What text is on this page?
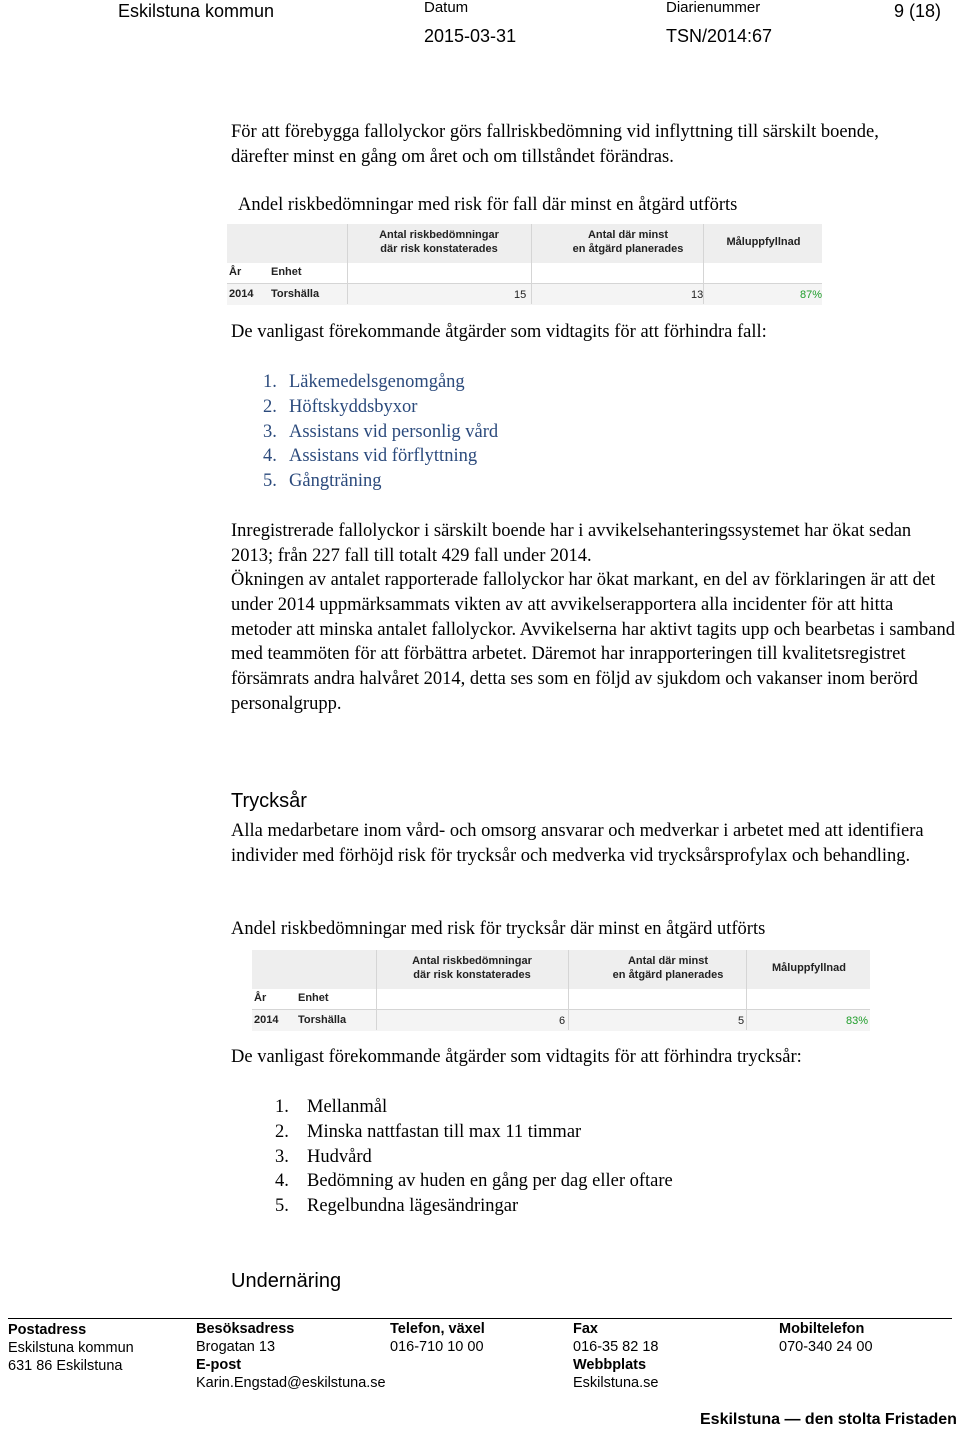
Eskilstuna kommun	Datum
2015-03-31
Diarienummer
TSN/2014:67
9 (18)

För att förebygga fallolyckor görs fallriskbedömning vid inflyttning till särskilt boende, därefter minst en gång om året och om tillståndet förändras.

Andel riskbedömningar med risk för fall där minst en åtgärd utförts
Antal riskbedömningar
där risk konstaterades
Antal där minst
en åtgärd planerades
Måluppfyllnad
År	Enhet
2014 Torshälla	15	13	87%
De vanligast förekommande åtgärder som vidtagits för att förhindra fall:
1. Läkemedelsgenomgång
2. Höftskyddsbyxor
3. Assistans vid personlig vård
4. Assistans vid förflyttning
5. Gångträning

Inregistrerade fallolyckor i särskilt boende har i avvikelsehanteringssystemet har ökat sedan 2013; från 227 fall till totalt 429 fall under 2014.

Ökningen av antalet rapporterade fallolyckor har ökat markant, en del av förklaringen är att det under 2014 uppmärksammats vikten av att avvikelserapportera alla incidenter för att hitta metoder att minska antalet fallolyckor. Avvikelserna har aktivt tagits upp och bearbetas i samband med teammöten för att förbättra arbetet. Däremot har inrapporteringen till kvalitetsregistret försämrats andra halvåret 2014, detta ses som en följd av sjukdom och vakanser inom berörd personalgrupp.

Trycksår

Alla medarbetare inom vård- och omsorg ansvarar och medverkar i arbetet med att identifiera individer med förhöjd risk för trycksår och medverka vid trycksårsprofylax och behandling.

Andel riskbedömningar med risk för trycksår där minst en åtgärd utförts
Antal riskbedömningar
där risk konstaterades
Antal där minst
en åtgärd planerades
Måluppfyllnad
År	Enhet
2014 Torshälla	6	5	83%
De vanligast förekommande åtgärder som vidtagits för att förhindra trycksår:
1. Mellanmål
2. Minska nattfastan till max 11 timmar
3. Hudvård
4. Bedömning av huden en gång per dag eller oftare
5. Regelbundna lägesändringar
Undernäring
Postadress
Eskilstuna kommun
631 86 Eskilstuna
Besöksadress
Brogatan 13
E-post
Karin.Engstad@eskilstuna.se
Telefon, växel
016-710 10 00
Fax
016-35 82 18
Webbplats
Eskilstuna.se
Mobiltelefon
070-340 24 00
Eskilstuna — den stolta Fristaden
